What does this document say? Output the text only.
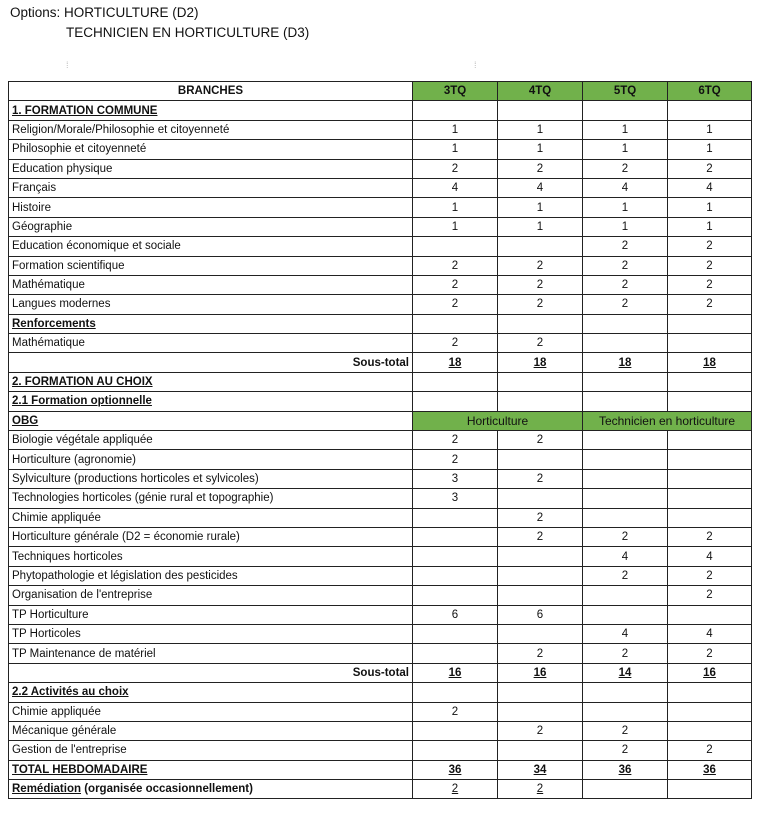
Options: HORTICULTURE (D2)
TECHNICIEN EN HORTICULTURE (D3)
⁞	⁞
BRANCHES	3TQ	4TQ	5TQ	6TQ
1. FORMATION COMMUNE				
Religion/Morale/Philosophie et citoyenneté	1	1	1	1
Philosophie et citoyenneté	1	1	1	1
Education physique	2	2	2	2
Français	4	4	4	4
Histoire	1	1	1	1
Géographie	1	1	1	1
Education économique et sociale			2	2
Formation scientifique	2	2	2	2
Mathématique	2	2	2	2
Langues modernes	2	2	2	2
Renforcements				
Mathématique	2	2		
Sous-total	18	18	18	18
2. FORMATION AU CHOIX				
2.1 Formation optionnelle				
OBG	Horticulture		Technicien en horticulture	
Biologie végétale appliquée	2	2		
Horticulture (agronomie)	2			
Sylviculture (productions horticoles et sylvicoles)	3	2		
Technologies horticoles (génie rural et topographie)	3			
Chimie appliquée		2		
Horticulture générale (D2 = économie rurale)		2	2	2
Techniques horticoles			4	4
Phytopathologie et législation des pesticides			2	2
Organisation de l'entreprise				2
TP Horticulture	6	6		
TP Horticoles			4	4
TP Maintenance de matériel		2	2	2
Sous-total	16	16	14	16
2.2 Activités au choix				
Chimie appliquée	2			
Mécanique générale		2	2	
Gestion de l'entreprise			2	2
TOTAL HEBDOMADAIRE	36	34	36	36
Remédiation (organisée occasionnellement)	2	2		
